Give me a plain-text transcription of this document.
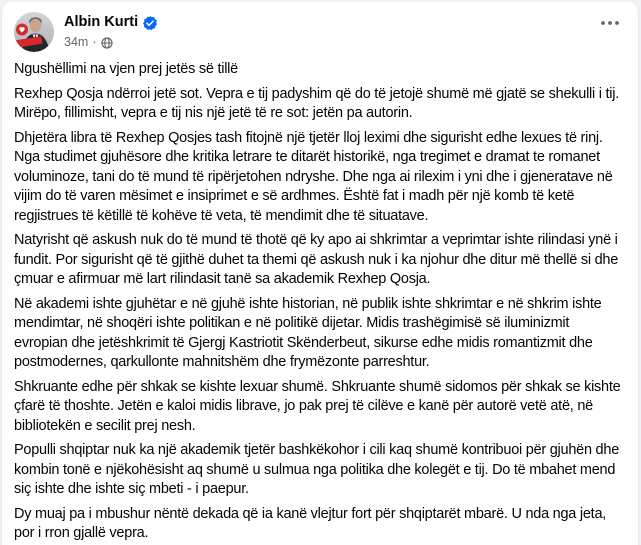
Albin Kurti
34m ·

Ngushëllimi na vjen prej jetës së tillë

Rexhep Qosja ndërroi jetë sot. Vepra e tij padyshim që do të jetojë shumë më gjatë se shekulli i tij. Mirëpo, fillimisht, vepra e tij nis një jetë të re sot: jetën pa autorin.

Dhjetëra libra të Rexhep Qosjes tash fitojnë një tjetër lloj leximi dhe sigurisht edhe lexues të rinj. Nga studimet gjuhësore dhe kritika letrare te ditarët historikë, nga tregimet e dramat te romanet voluminoze, tani do të mund të ripërjetohen ndryshe. Dhe nga ai rilexim i yni dhe i gjeneratave në vijim do të varen mësimet e insiprimet e së ardhmes. Është fat i madh për një komb të ketë regjistrues të këtillë të kohëve të veta, të mendimit dhe të situatave.

Natyrisht që askush nuk do të mund të thotë që ky apo ai shkrimtar a veprimtar ishte rilindasi ynë i fundit. Por sigurisht që të gjithë duhet ta themi që askush nuk i ka njohur dhe ditur më thellë si dhe çmuar e afirmuar më lart rilindasit tanë sa akademik Rexhep Qosja.

Në akademi ishte gjuhëtar e në gjuhë ishte historian, në publik ishte shkrimtar e në shkrim ishte mendimtar, në shoqëri ishte politikan e në politikë dijetar. Midis trashëgimisë së iluminizmit evropian dhe jetëshkrimit të Gjergj Kastriotit Skënderbeut, sikurse edhe midis romantizmit dhe postmodernes, qarkullonte mahnitshëm dhe frymëzonte parreshtur.

Shkruante edhe për shkak se kishte lexuar shumë. Shkruante shumë sidomos për shkak se kishte çfarë të thoshte. Jetën e kaloi midis librave, jo pak prej të cilëve e kanë për autorë vetë atë, në bibliotekën e secilit prej nesh.

Populli shqiptar nuk ka një akademik tjetër bashkëkohor i cili kaq shumë kontribuoi për gjuhën dhe kombin tonë e njëkohësisht aq shumë u sulmua nga politika dhe kolegët e tij. Do të mbahet mend siç ishte dhe ishte siç mbeti - i paepur.

Dy muaj pa i mbushur nëntë dekada që ia kanë vlejtur fort për shqiptarët mbarë. U nda nga jeta, por i rron gjallë vepra.
